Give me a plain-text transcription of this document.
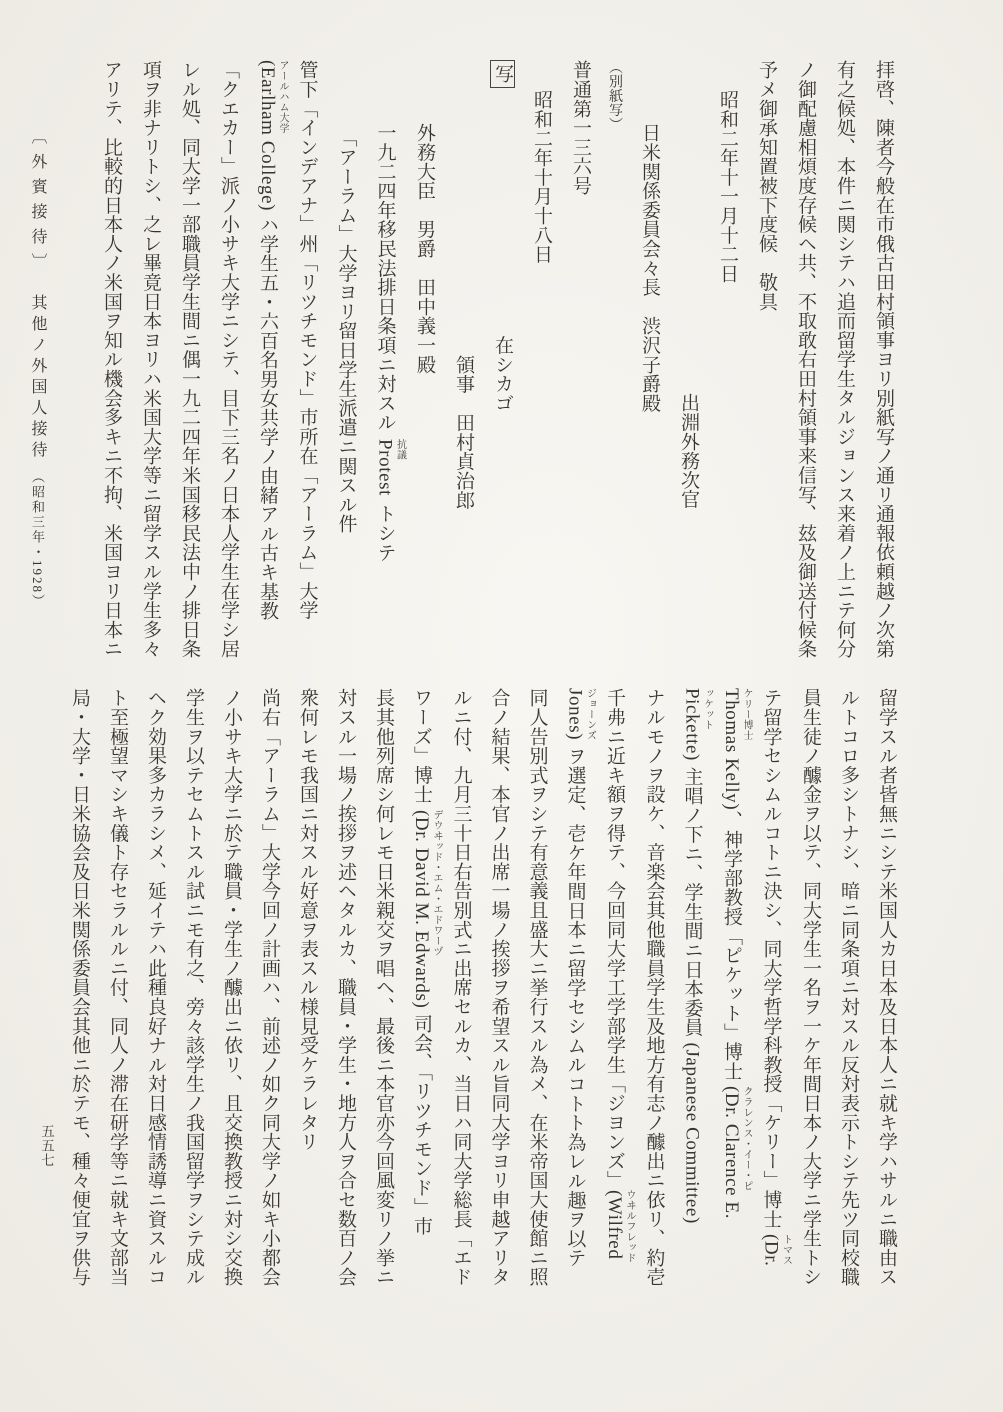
〔外賓接待〕其他ノ外国人接待（昭和三年・1928）	拝啓、陳者今般在市俄古田村領事ヨリ別紙写ノ通リ通報依頼越ノ次第

有之候処、本件ニ関シテハ追而留学生タルジョンス来着ノ上ニテ何分

ノ御配慮相煩度存候ヘ共、不取敢右田村領事来信写、玆及御送付候条

予メ御承知置被下度候　敬具

昭和二年十一月十二日

出淵外務次官

日米関係委員会々長　渋沢子爵殿

（別紙写）

普通第一三六号

昭和二年十月十八日

写在シカゴ

領事　田村貞治郎

外務大臣　男爵　田中義一殿

一九二四年移民法排日条項ニ対スルProtest 抗議トシテ

「アーラム」大学ヨリ留日学生派遣ニ関スル件

管下「インデアナ」州「リツチモンド」市所在「アーラム」大学

(Earlham College) アールハム大学ハ学生五・六百名男女共学ノ由緒アル古キ基教

「クエカー」派ノ小サキ大学ニシテ、目下三名ノ日本人学生在学シ居

レル処、同大学一部職員学生間ニ偶一九二四年米国移民法中ノ排日条

項ヲ非ナリトシ、之レ畢竟日本ヨリハ米国大学等ニ留学スル学生多々

アリテ、比較的日本人ノ米国ヲ知ル機会多キニ不拘、米国ヨリ日本ニ

留学スル者皆無ニシテ米国人カ日本及日本人ニ就キ学ハサルニ職由ス

ルトコロ多シトナシ、暗ニ同条項ニ対スル反対表示トシテ先ツ同校職

員生徒ノ醵金ヲ以テ、同大学生一名ヲ一ケ年間日本ノ大学ニ学生トシ

テ留学セシムルコトニ決シ、同大学哲学科教授「ケリー」博士(Dr. トマス

Thomas Kelly) ケリー博士、神学部教授「ピケット」博士(Dr. Clarence E. クラレンス・イー・ピ

Pickette) ッケット主唱ノ下ニ、学生間ニ日本委員(Japanese Committee)

ナルモノヲ設ケ、音楽会其他職員学生及地方有志ノ醵出ニ依リ、約壱

千弗ニ近キ額ヲ得テ、今回同大学工学部学生「ジヨンズ」(Wilfred ウヰルフレッド

Jones) ジョーンズヲ選定、壱ケ年間日本ニ留学セシムルコトト為レル趣ヲ以テ

同人告別式ヲシテ有意義且盛大ニ挙行スル為メ、在米帝国大使館ニ照

合ノ結果、本官ノ出席一場ノ挨拶ヲ希望スル旨同大学ヨリ申越アリタ

ルニ付、九月三十日右告別式ニ出席セルカ、当日ハ同大学総長「エド

ワーズ」博士(Dr. David M. Edwards) デウヰッド・エム・エドワーヅ司会、「リツチモンド」市

長其他列席シ何レモ日米親交ヲ唱ヘ、最後ニ本官亦今回風変リノ挙ニ

対スル一場ノ挨拶ヲ述ヘタルカ、職員・学生・地方人ヲ合セ数百ノ会

衆何レモ我国ニ対スル好意ヲ表スル様見受ケラレタリ

尚右「アーラム」大学今回ノ計画ハ、前述ノ如ク同大学ノ如キ小都会

ノ小サキ大学ニ於テ職員・学生ノ醵出ニ依リ、且交換教授ニ対シ交換

学生ヲ以テセムトスル試ニモ有之、旁々該学生ノ我国留学ヲシテ成ル

ヘク効果多カラシメ、延イテハ此種良好ナル対日感情誘導ニ資スルコ

ト至極望マシキ儀ト存セラルルニ付、同人ノ滞在研学等ニ就キ文部当

局・大学・日米協会及日米関係委員会其他ニ於テモ、種々便宜ヲ供与

五五七
